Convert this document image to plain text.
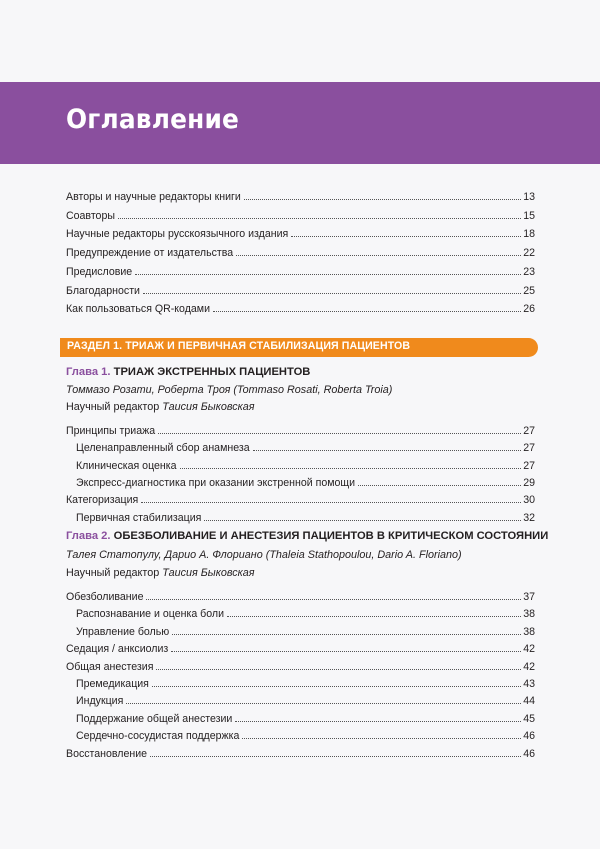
Оглавление
Авторы и научные редакторы книги	13
Соавторы	15
Научные редакторы русскоязычного издания	18
Предупреждение от издательства	22
Предисловие	23
Благодарности	25
Как пользоваться QR-кодами	26
РАЗДЕЛ 1. ТРИАЖ И ПЕРВИЧНАЯ СТАБИЛИЗАЦИЯ ПАЦИЕНТОВ
Глава 1. ТРИАЖ ЭКСТРЕННЫХ ПАЦИЕНТОВ
Томмазо Розати, Роберта Троя (Tommaso Rosati, Roberta Troia)
Научный редактор Таисия Быковская
Принципы триажа	27
Целенаправленный сбор анамнеза	27
Клиническая оценка	27
Экспресс-диагностика при оказании экстренной помощи	29
Категоризация	30
Первичная стабилизация	32
Глава 2. ОБЕЗБОЛИВАНИЕ И АНЕСТЕЗИЯ ПАЦИЕНТОВ В КРИТИЧЕСКОМ СОСТОЯНИИ
Талея Статопулу, Дарио А. Флориано (Thaleia Stathopoulou, Dario A. Floriano)
Научный редактор Таисия Быковская
Обезболивание	37
Распознавание и оценка боли	38
Управление болью	38
Седация / анксиолиз	42
Общая анестезия	42
Премедикация	43
Индукция	44
Поддержание общей анестезии	45
Сердечно-сосудистая поддержка	46
Восстановление	46
